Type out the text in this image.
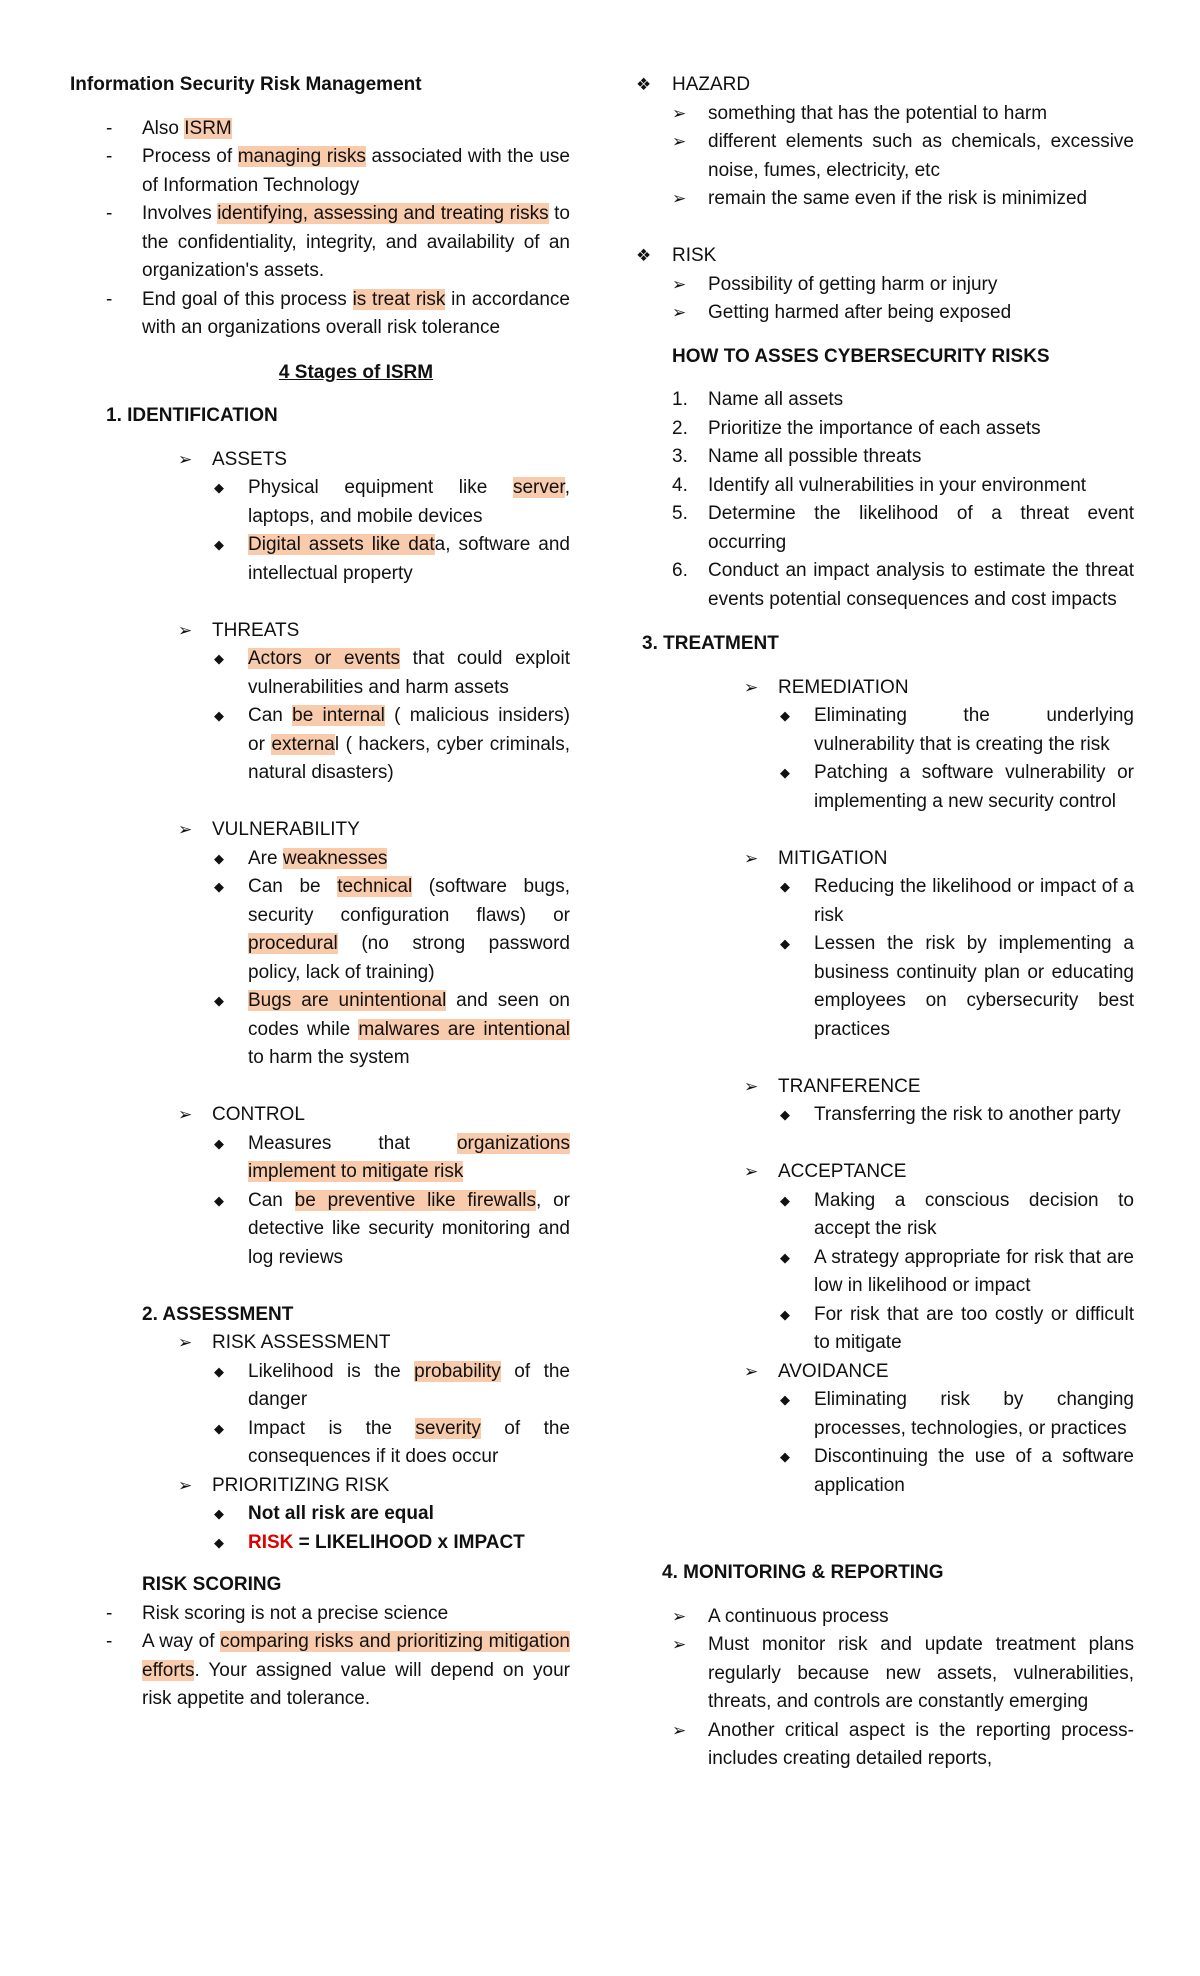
Information Security Risk Management

- Also ISRM
- Process of managing risks associated with the use of Information Technology
- Involves identifying, assessing and treating risks to the confidentiality, integrity, and availability of an organization's assets.
- End goal of this process is treat risk in accordance with an organizations overall risk tolerance

4 Stages of ISRM

1. IDENTIFICATION

➢ ASSETS
◆ Physical equipment like server, laptops, and mobile devices
◆ Digital assets like data, software and intellectual property
➢ THREATS
◆ Actors or events that could exploit vulnerabilities and harm assets
◆ Can be internal ( malicious insiders) or external ( hackers, cyber criminals, natural disasters)
➢ VULNERABILITY
◆ Are weaknesses
◆ Can be technical (software bugs, security configuration flaws) or procedural (no strong password policy, lack of training)
◆ Bugs are unintentional and seen on codes while malwares are intentional to harm the system
➢ CONTROL
◆ Measures that organizations implement to mitigate risk
◆ Can be preventive like firewalls, or detective like security monitoring and log reviews

2. ASSESSMENT

➢ RISK ASSESSMENT
◆ Likelihood is the probability of the danger
◆ Impact is the severity of the consequences if it does occur
➢ PRIORITIZING RISK
◆ Not all risk are equal
◆ RISK = LIKELIHOOD x IMPACT

RISK SCORING

- Risk scoring is not a precise science
- A way of comparing risks and prioritizing mitigation efforts. Your assigned value will depend on your risk appetite and tolerance.
❖ HAZARD
➢ something that has the potential to harm
➢ different elements such as chemicals, excessive noise, fumes, electricity, etc
➢ remain the same even if the risk is minimized
❖ RISK
➢ Possibility of getting harm or injury
➢ Getting harmed after being exposed

HOW TO ASSES CYBERSECURITY RISKS

1. Name all assets
2. Prioritize the importance of each assets
3. Name all possible threats
4. Identify all vulnerabilities in your environment
5. Determine the likelihood of a threat event occurring
6. Conduct an impact analysis to estimate the threat events potential consequences and cost impacts

3. TREATMENT

➢ REMEDIATION
◆ Eliminating the underlying vulnerability that is creating the risk
◆ Patching a software vulnerability or implementing a new security control
➢ MITIGATION
◆ Reducing the likelihood or impact of a risk
◆ Lessen the risk by implementing a business continuity plan or educating employees on cybersecurity best practices
➢ TRANFERENCE
◆ Transferring the risk to another party
➢ ACCEPTANCE
◆ Making a conscious decision to accept the risk
◆ A strategy appropriate for risk that are low in likelihood or impact
◆ For risk that are too costly or difficult to mitigate
➢ AVOIDANCE
◆ Eliminating risk by changing processes, technologies, or practices
◆ Discontinuing the use of a software application

4. MONITORING & REPORTING

➢ A continuous process
➢ Must monitor risk and update treatment plans regularly because new assets, vulnerabilities, threats, and controls are constantly emerging
➢ Another critical aspect is the reporting process- includes creating detailed reports,
